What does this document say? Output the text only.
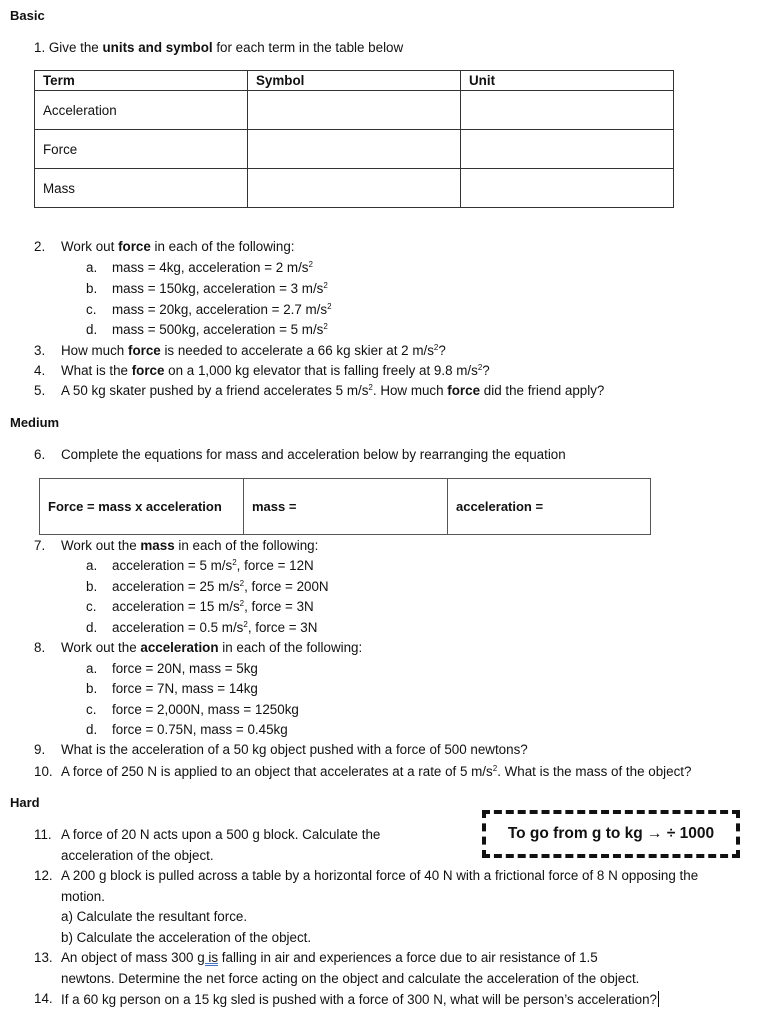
Basic
1. Give the units and symbol for each term in the table below
Term	Symbol	Unit
Acceleration		
Force		
Mass		
2. Work out force in each of the following:
a. mass = 4kg, acceleration = 2 $m/s^2$
b. mass = 150kg, acceleration = 3 $m/s^2$
c. mass = 20kg, acceleration = 2.7 $m/s^2$
d. mass = 500kg, acceleration = 5 $m/s^2$
3. How much force is needed to accelerate a 66 kg skier at 2 $m/s^2$?
4. What is the force on a 1,000 kg elevator that is falling freely at 9.8 $m/s^2$?
5. A 50 kg skater pushed by a friend accelerates 5 $m/s^2$. How much force did the friend apply?
Medium
6. Complete the equations for mass and acceleration below by rearranging the equation
Force = mass x acceleration	mass =	acceleration =
7. Work out the mass in each of the following:
a. acceleration = 5 $m/s^2$, force = 12N
b. acceleration = 25 $m/s^2$, force = 200N
c. acceleration = 15 $m/s^2$, force = 3N
d. acceleration = 0.5 $m/s^2$, force = 3N
8. Work out the acceleration in each of the following:
a. force = 20N, mass = 5kg
b. force = 7N, mass = 14kg
c. force = 2,000N, mass = 1250kg
d. force = 0.75N, mass = 0.45kg
9. What is the acceleration of a 50 kg object pushed with a force of 500 newtons?
10. A force of 250 N is applied to an object that accelerates at a rate of 5 $m/s^2$. What is the mass of the object?
Hard
11. A force of 20 N acts upon a 500 g block. Calculate the
acceleration of the object.
To go from g to kg → ÷ 1000
12. A 200 g block is pulled across a table by a horizontal force of 40 N with a frictional force of 8 N opposing the
motion.
a) Calculate the resultant force.
b) Calculate the acceleration of the object.
13. An object of mass 300 g is falling in air and experiences a force due to air resistance of 1.5
newtons. Determine the net force acting on the object and calculate the acceleration of the object.
14. If a 60 kg person on a 15 kg sled is pushed with a force of 300 N, what will be person’s acceleration?
